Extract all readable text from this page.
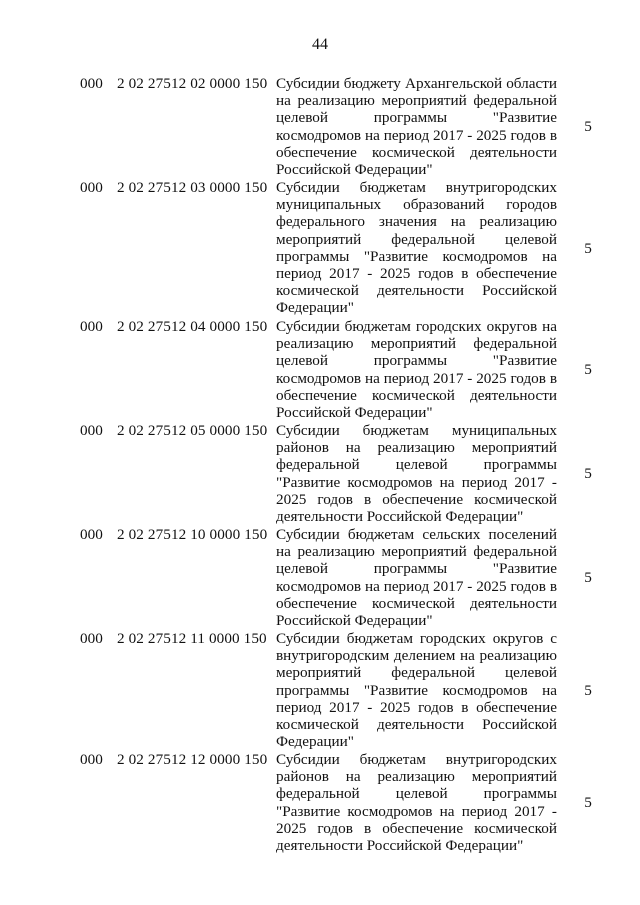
44
000 2 02 27512 02 0000 150 Субсидии бюджету Архангельской области на реализацию мероприятий федеральной целевой программы "Развитие космодромов на период 2017 - 2025 годов в обеспечение космической деятельности Российской Федерации"
5
000 2 02 27512 03 0000 150 Субсидии бюджетам внутригородских муниципальных образований городов федерального значения на реализацию мероприятий федеральной целевой программы "Развитие космодромов на период 2017 - 2025 годов в обеспечение космической деятельности Российской Федерации"
5
000 2 02 27512 04 0000 150 Субсидии бюджетам городских округов на реализацию мероприятий федеральной целевой программы "Развитие космодромов на период 2017 - 2025 годов в обеспечение космической деятельности Российской Федерации"
5
000 2 02 27512 05 0000 150 Субсидии бюджетам муниципальных районов на реализацию мероприятий федеральной целевой программы "Развитие космодромов на период 2017 - 2025 годов в обеспечение космической деятельности Российской Федерации"
5
000 2 02 27512 10 0000 150 Субсидии бюджетам сельских поселений на реализацию мероприятий федеральной целевой программы "Развитие космодромов на период 2017 - 2025 годов в обеспечение космической деятельности Российской Федерации"
5
000 2 02 27512 11 0000 150 Субсидии бюджетам городских округов с внутригородским делением на реализацию мероприятий федеральной целевой программы "Развитие космодромов на период 2017 - 2025 годов в обеспечение космической деятельности Российской Федерации"
5
000 2 02 27512 12 0000 150 Субсидии бюджетам внутригородских районов на реализацию мероприятий федеральной целевой программы "Развитие космодромов на период 2017 - 2025 годов в обеспечение космической деятельности Российской Федерации"
5
